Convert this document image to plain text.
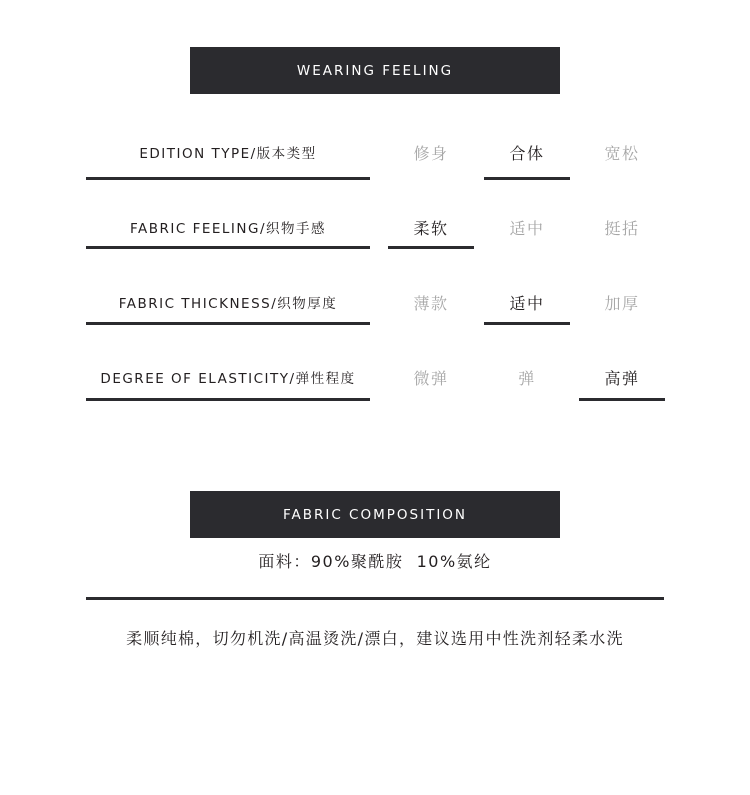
WEARING FEELING
EDITION TYPE/版本类型	修身	合体	宽松
FABRIC FEELING/织物手感	柔软	适中	挺括
FABRIC THICKNESS/织物厚度	薄款	适中	加厚
DEGREE OF ELASTICITY/弹性程度	微弹	弹	高弹
FABRIC COMPOSITION
面料：90%聚酰胺  10%氨纶
柔顺纯棉，切勿机洗/高温烫洗/漂白，建议选用中性洗剂轻柔水洗
